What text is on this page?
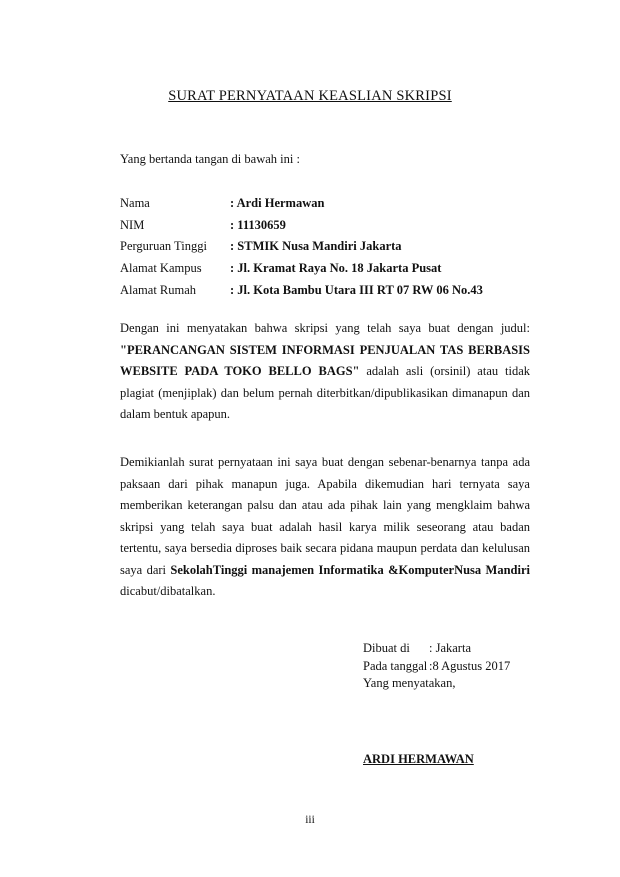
SURAT PERNYATAAN KEASLIAN SKRIPSI
Yang bertanda tangan di bawah ini :
Nama	: Ardi Hermawan
NIM	: 11130659
Perguruan Tinggi : STMIK Nusa Mandiri Jakarta
Alamat Kampus : Jl. Kramat Raya No. 18 Jakarta Pusat
Alamat Rumah	: Jl. Kota Bambu Utara III RT 07 RW 06 No.43

Dengan ini menyatakan bahwa skripsi yang telah saya buat dengan judul: "PERANCANGAN SISTEM INFORMASI PENJUALAN TAS BERBASIS WEBSITE PADA TOKO BELLO BAGS" adalah asli (orsinil) atau tidak plagiat (menjiplak) dan belum pernah diterbitkan/dipublikasikan dimanapun dan dalam bentuk apapun.

Demikianlah surat pernyataan ini saya buat dengan sebenar-benarnya tanpa ada paksaan dari pihak manapun juga. Apabila dikemudian hari ternyata saya memberikan keterangan palsu dan atau ada pihak lain yang mengklaim bahwa skripsi yang telah saya buat adalah hasil karya milik seseorang atau badan tertentu, saya bersedia diproses baik secara pidana maupun perdata dan kelulusan saya dari SekolahTinggi manajemen Informatika &KomputerNusa Mandiri dicabut/dibatalkan.

Dibuat di : Jakarta
Pada tanggal :8 Agustus 2017
Yang menyatakan,
ARDI HERMAWAN
iii
